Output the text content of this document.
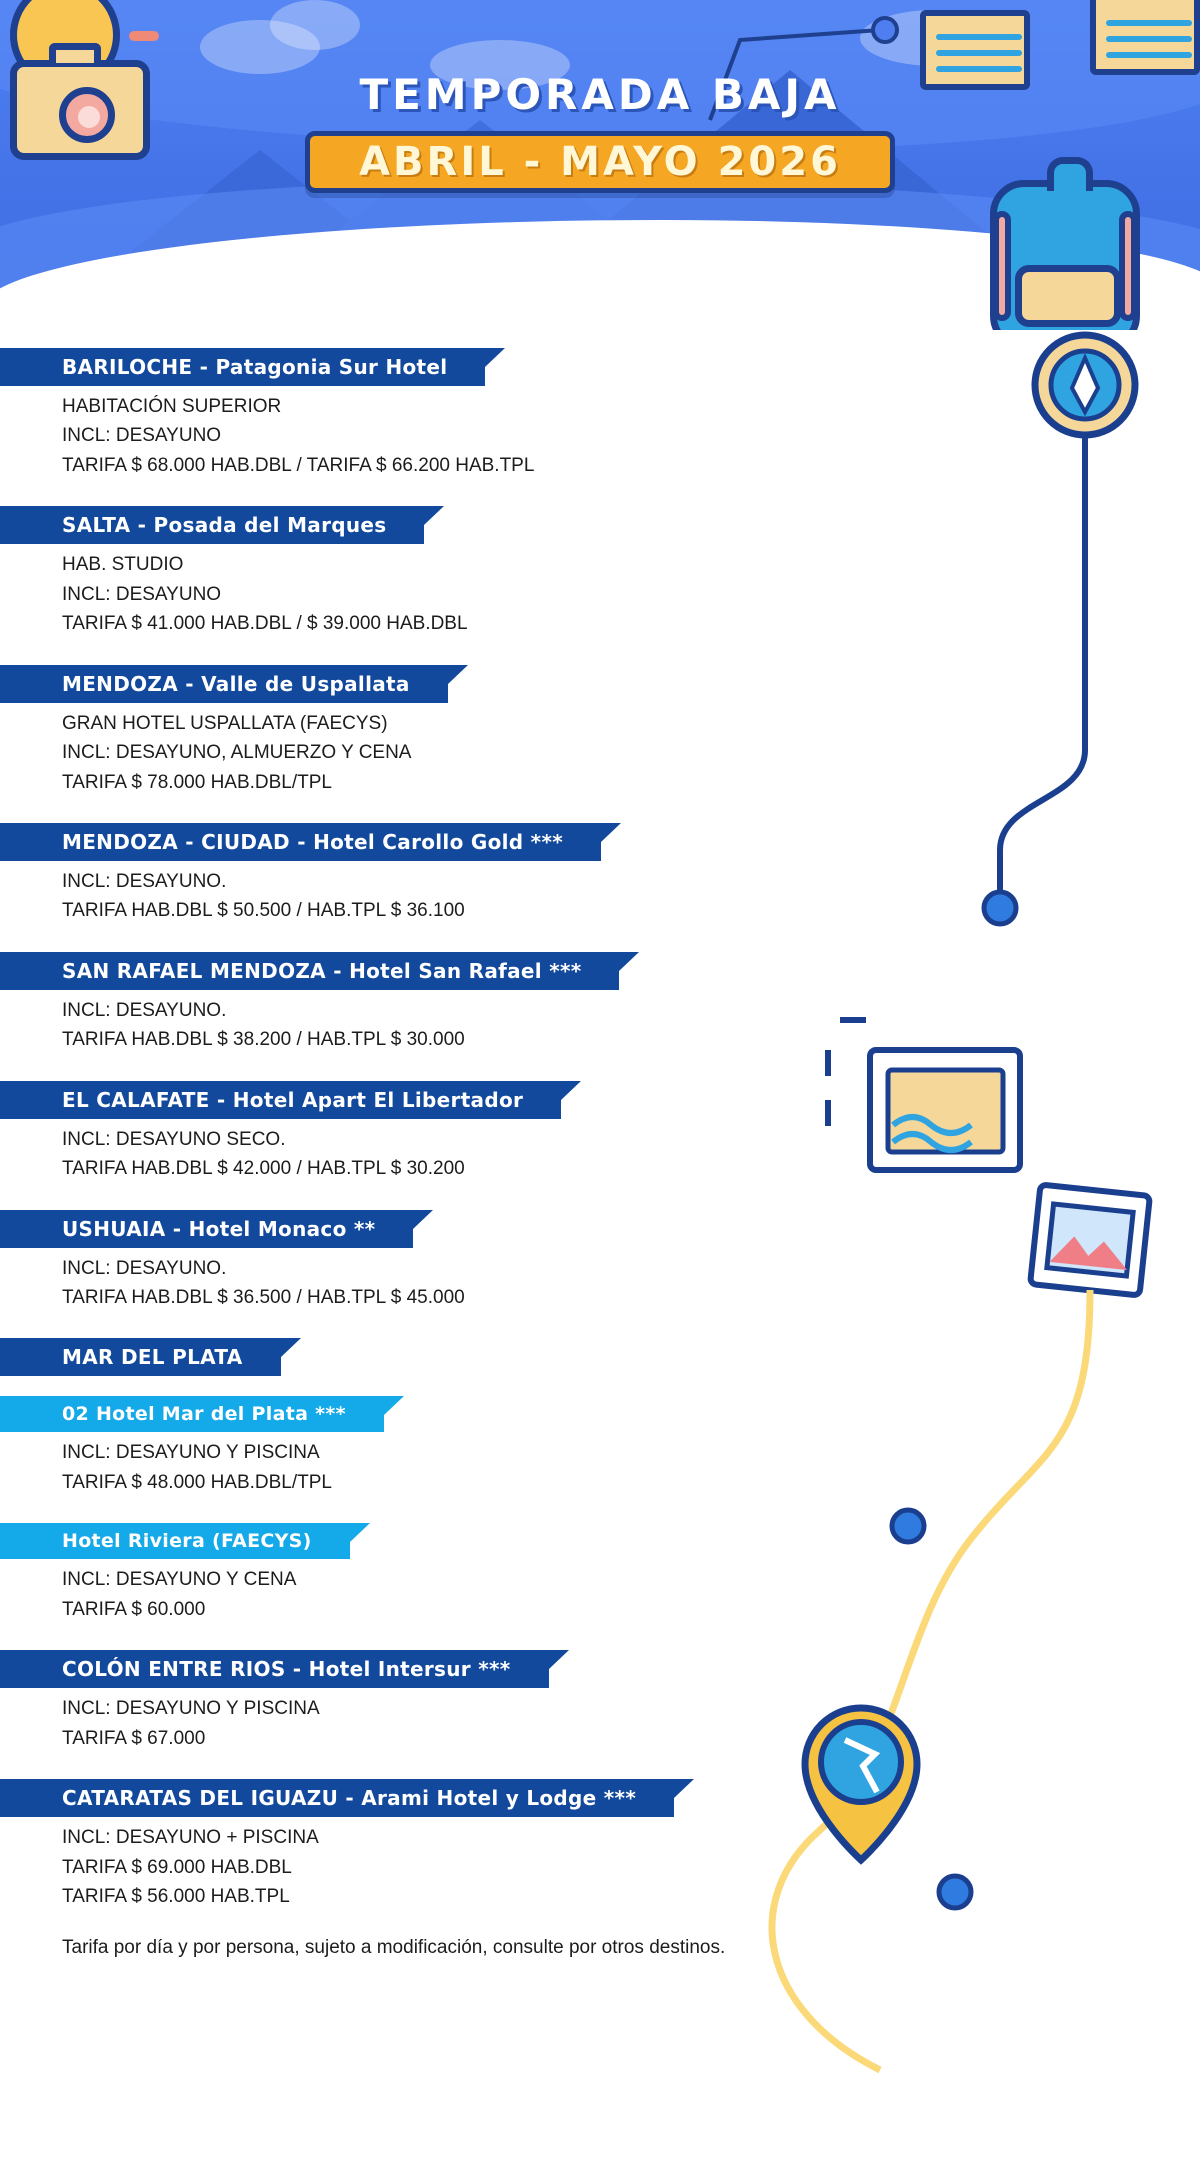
TEMPORADA BAJA
ABRIL - MAYO 2026
BARILOCHE - Patagonia Sur Hotel
HABITACIÓN SUPERIOR
INCL: DESAYUNO
TARIFA $ 68.000 HAB.DBL / TARIFA $ 66.200 HAB.TPL
SALTA - Posada del Marques
HAB. STUDIO
INCL: DESAYUNO
TARIFA $ 41.000 HAB.DBL / $ 39.000 HAB.DBL
MENDOZA - Valle de Uspallata
GRAN HOTEL USPALLATA (FAECYS)
INCL: DESAYUNO, ALMUERZO Y CENA
TARIFA $ 78.000 HAB.DBL/TPL
MENDOZA - CIUDAD - Hotel Carollo Gold ***
INCL: DESAYUNO.
TARIFA HAB.DBL $ 50.500 / HAB.TPL $ 36.100
SAN RAFAEL MENDOZA - Hotel San Rafael ***
INCL: DESAYUNO.
TARIFA HAB.DBL $ 38.200 / HAB.TPL $ 30.000
EL CALAFATE - Hotel Apart El Libertador
INCL: DESAYUNO SECO.
TARIFA HAB.DBL $ 42.000 / HAB.TPL $ 30.200
USHUAIA - Hotel Monaco **
INCL: DESAYUNO.
TARIFA HAB.DBL $ 36.500 / HAB.TPL $ 45.000
MAR DEL PLATA
02 Hotel Mar del Plata ***
INCL: DESAYUNO Y PISCINA
TARIFA $ 48.000 HAB.DBL/TPL
Hotel Riviera (FAECYS)
INCL: DESAYUNO Y CENA
TARIFA $ 60.000
COLÓN ENTRE RIOS - Hotel Intersur ***
INCL: DESAYUNO Y PISCINA
TARIFA $ 67.000
CATARATAS DEL IGUAZU - Arami Hotel y Lodge ***
INCL: DESAYUNO + PISCINA
TARIFA $ 69.000 HAB.DBL
TARIFA $ 56.000 HAB.TPL
Tarifa por día y por persona, sujeto a modificación, consulte por otros destinos.
